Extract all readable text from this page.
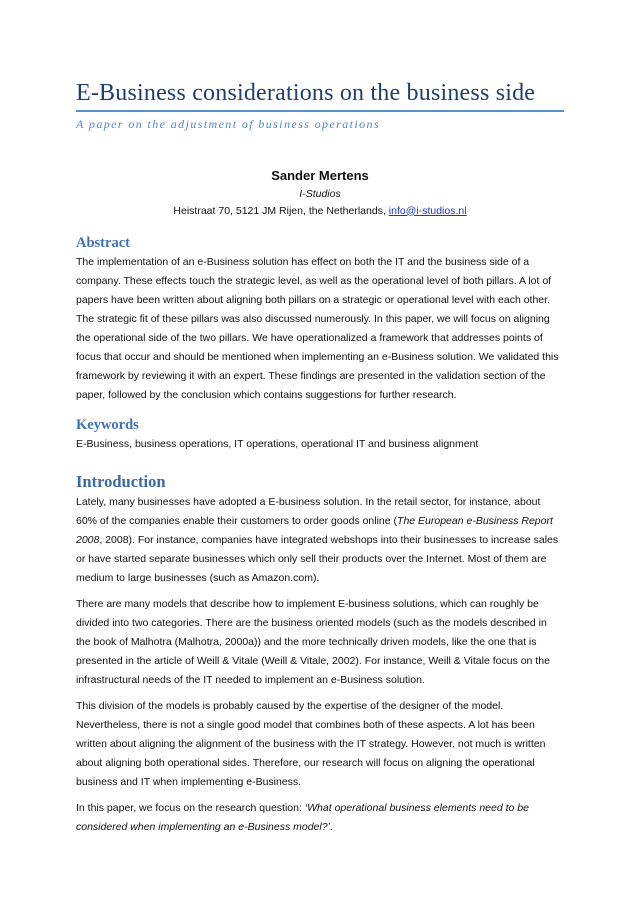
E-Business considerations on the business side
A paper on the adjustment of business operations
Sander Mertens
I-Studios
Heistraat 70, 5121 JM Rijen, the Netherlands, info@i-studios.nl
Abstract

The implementation of an e-Business solution has effect on both the IT and the business side of a company. These effects touch the strategic level, as well as the operational level of both pillars. A lot of papers have been written about aligning both pillars on a strategic or operational level with each other. The strategic fit of these pillars was also discussed numerously. In this paper, we will focus on aligning the operational side of the two pillars. We have operationalized a framework that addresses points of focus that occur and should be mentioned when implementing an e-Business solution. We validated this framework by reviewing it with an expert. These findings are presented in the validation section of the paper, followed by the conclusion which contains suggestions for further research.

Keywords

E-Business, business operations, IT operations, operational IT and business alignment

Introduction

Lately, many businesses have adopted a E-business solution. In the retail sector, for instance, about 60% of the companies enable their customers to order goods online (The European e-Business Report 2008, 2008). For instance, companies have integrated webshops into their businesses to increase sales or have started separate businesses which only sell their products over the Internet. Most of them are medium to large businesses (such as Amazon.com).

There are many models that describe how to implement E-business solutions, which can roughly be divided into two categories. There are the business oriented models (such as the models described in the book of Malhotra (Malhotra, 2000a)) and the more technically driven models, like the one that is presented in the article of Weill & Vitale (Weill & Vitale, 2002). For instance, Weill & Vitale focus on the infrastructural needs of the IT needed to implement an e-Business solution.

This division of the models is probably caused by the expertise of the designer of the model. Nevertheless, there is not a single good model that combines both of these aspects. A lot has been written about aligning the alignment of the business with the IT strategy. However, not much is written about aligning both operational sides. Therefore, our research will focus on aligning the operational business and IT when implementing e-Business.

In this paper, we focus on the research question: ‘What operational business elements need to be considered when implementing an e-Business model?’.
